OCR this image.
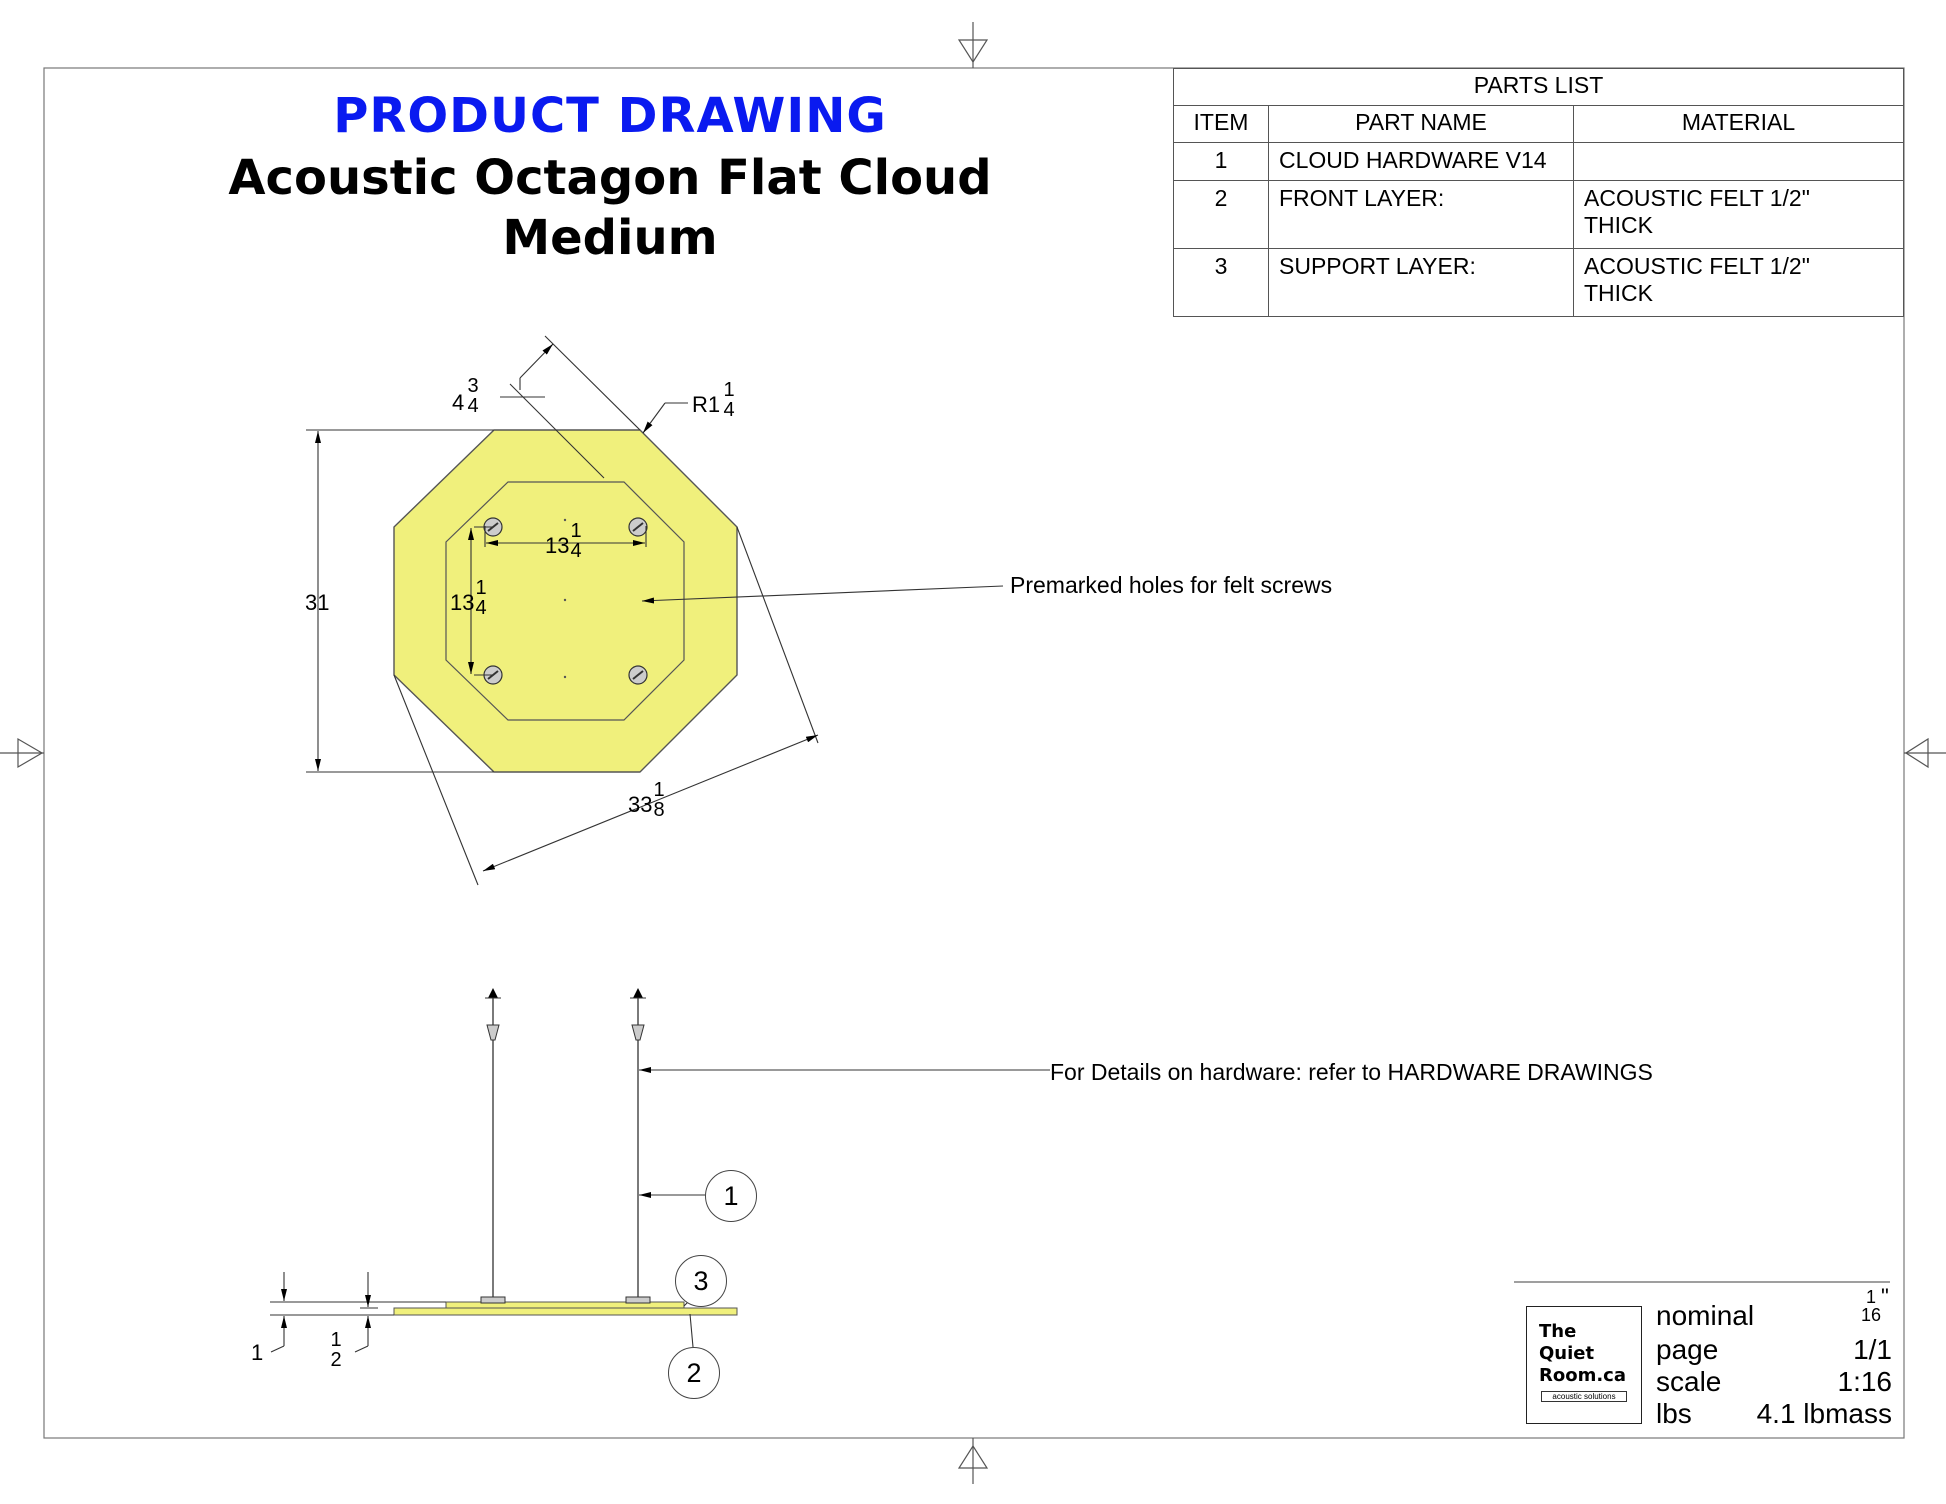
PRODUCT DRAWING
Acoustic Octagon Flat Cloud
Medium
PARTS LIST		
ITEM	PART NAME	MATERIAL
1	CLOUD HARDWARE V14	
2	FRONT LAYER:	ACOUSTIC FELT 1/2" THICK
3	SUPPORT LAYER:	ACOUSTIC FELT 1/2" THICK
4
3
4	R1
1
4
31
13
1
4
13
1
4
33
1
8
1	1
2
Premarked holes for felt screws
For Details on hardware: refer to HARDWARE DRAWINGS
1
3
2
The
Quiet
Room.ca
acoustic solutions
nominal
1
16
"
page	1/1
scale	1:16
lbs	4.1 lbmass
